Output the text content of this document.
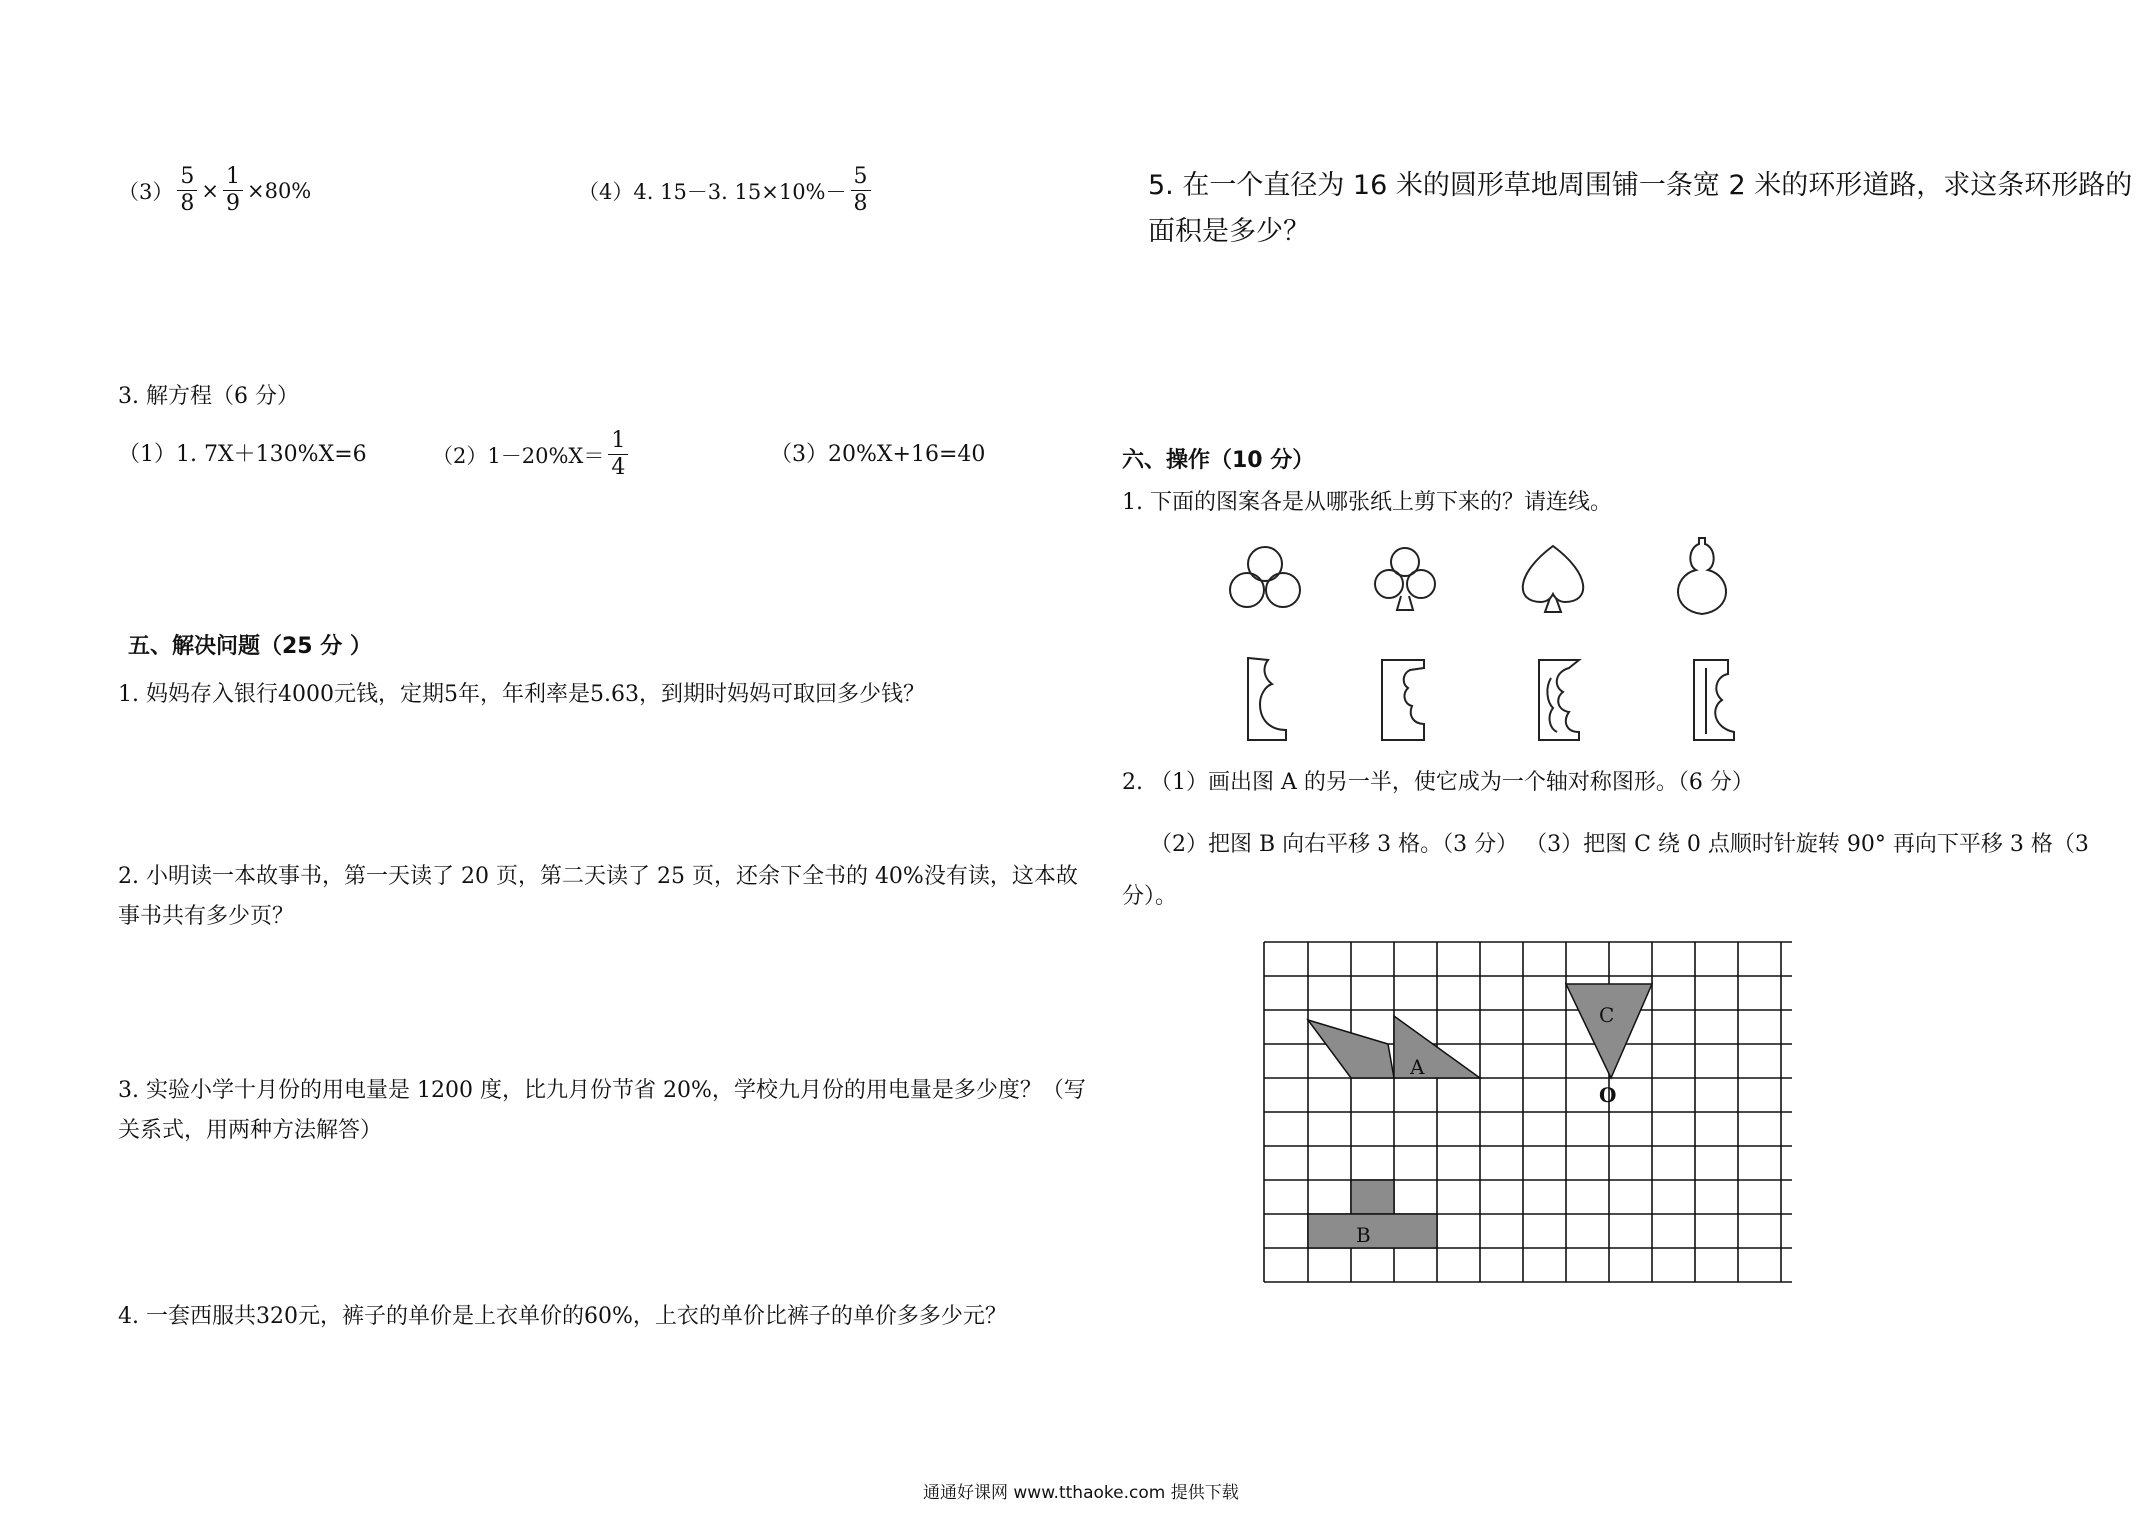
$(3) \frac{5}{8} \times \frac{1}{9} \times 80\%$	（4） 4. 15－3. $15\times 10\%- \frac{5}{8}$
3. 解方程（6 分）
（1）1. 7X＋130%X=6	$(2)1-20\%X= \frac{1}{4}$	（3）20%X+16=40
五、解决问题（25 分 ）
1. 妈妈存入银行4000元钱，定期5年，年利率是5.63，到期时妈妈可取回多少钱？
2. 小明读一本故事书，第一天读了 20 页，第二天读了 25 页，还余下全书的 40%没有读，这本故
事书共有多少页？
3. 实验小学十月份的用电量是 1200 度，比九月份节省 20%，学校九月份的用电量是多少度？（写
关系式，用两种方法解答）
4. 一套西服共320元，裤子的单价是上衣单价的60%，上衣的单价比裤子的单价多多少元？
5. 在一个直径为 16 米的圆形草地周围铺一条宽 2 米的环形道路，求这条环形路的
面积是多少？
六、操作（10 分）
1. 下面的图案各是从哪张纸上剪下来的？请连线。
2. （1）画出图 A 的另一半，使它成为一个轴对称图形。（6 分）
（2）把图 B 向右平移 3 格。（3 分） （3）把图 C 绕 0 点顺时针旋转 90° 再向下平移 3 格（3
分）。
A
B
C
O
通通好课网 www.tthaoke.com 提供下载
